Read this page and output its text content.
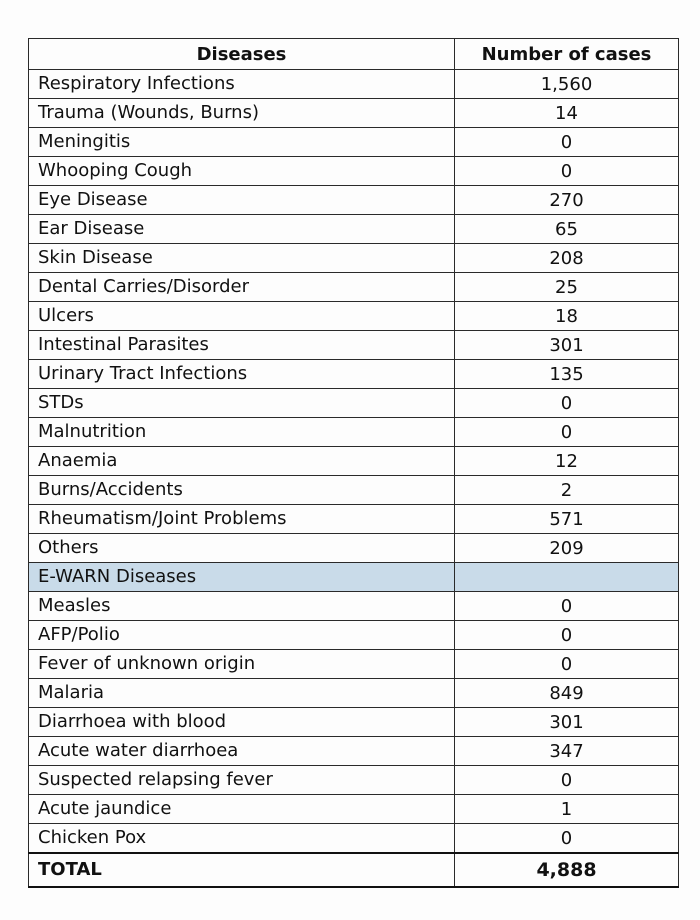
Diseases	Number of cases
Respiratory Infections	1,560
Trauma (Wounds, Burns)	14
Meningitis	0
Whooping Cough	0
Eye Disease	270
Ear Disease	65
Skin Disease	208
Dental Carries/Disorder	25
Ulcers	18
Intestinal Parasites	301
Urinary Tract Infections	135
STDs	0
Malnutrition	0
Anaemia	12
Burns/Accidents	2
Rheumatism/Joint Problems	571
Others	209
E-WARN Diseases	
Measles	0
AFP/Polio	0
Fever of unknown origin	0
Malaria	849
Diarrhoea with blood	301
Acute water diarrhoea	347
Suspected relapsing fever	0
Acute jaundice	1
Chicken Pox	0
TOTAL	4,888
